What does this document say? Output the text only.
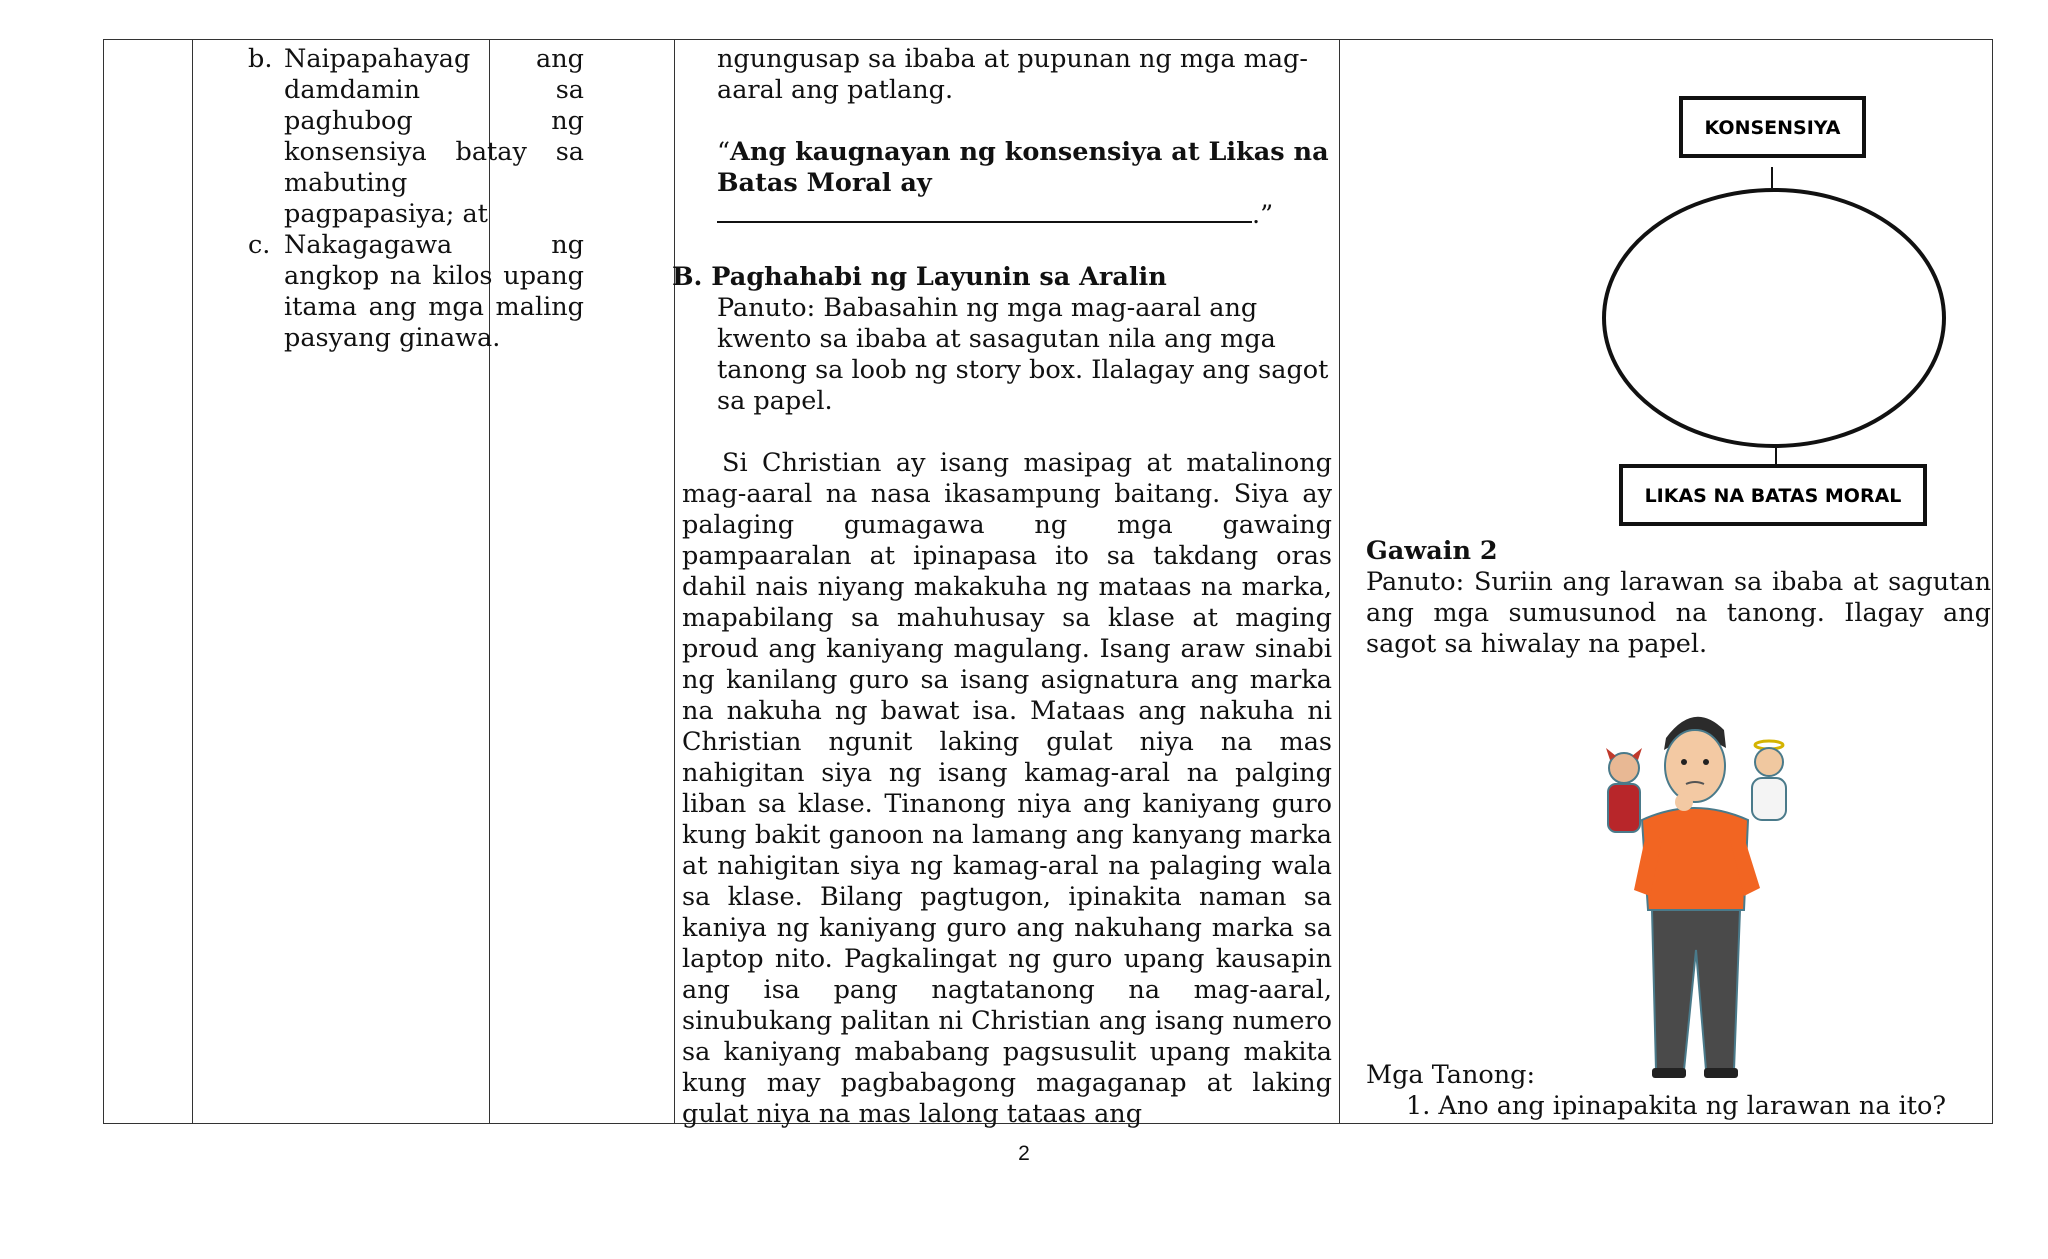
b. Naipapahayag ang damdamin sa paghubog ng konsensiya batay sa mabuting pagpapasiya; at
c. Nakagagawa ng angkop na kilos upang itama ang mga maling pasyang ginawa.

ngungusap sa ibaba at pupunan ng mga mag-aaral ang patlang.

“Ang kaugnayan ng konsensiya at Likas na Batas Moral ay
.”

B. Paghahabi ng Layunin sa Aralin

Panuto: Babasahin ng mga mag-aaral ang kwento sa ibaba at sasagutan nila ang mga tanong sa loob ng story box. Ilalagay ang sagot sa papel.

Si Christian ay isang masipag at matalinong mag-aaral na nasa ikasampung baitang. Siya ay palaging gumagawa ng mga gawaing pampaaralan at ipinapasa ito sa takdang oras dahil nais niyang makakuha ng mataas na marka, mapabilang sa mahuhusay sa klase at maging proud ang kaniyang magulang. Isang araw sinabi ng kanilang guro sa isang asignatura ang marka na nakuha ng bawat isa. Mataas ang nakuha ni Christian ngunit laking gulat niya na mas nahigitan siya ng isang kamag-aral na palging liban sa klase. Tinanong niya ang kaniyang guro kung bakit ganoon na lamang ang kanyang marka at nahigitan siya ng kamag-aral na palaging wala sa klase. Bilang pagtugon, ipinakita naman sa kaniya ng kaniyang guro ang nakuhang marka sa laptop nito. Pagkalingat ng guro upang kausapin ang isa pang nagtatanong na mag-aaral, sinubukang palitan ni Christian ang isang numero sa kaniyang mababang pagsusulit upang makita kung may pagbabagong magaganap at laking gulat niya na mas lalong tataas ang

KONSENSIYA
LIKAS NA BATAS MORAL

Gawain 2

Panuto: Suriin ang larawan sa ibaba at sagutan ang mga sumusunod na tanong. Ilagay ang sagot sa hiwalay na papel.

Mga Tanong:

1. Ano ang ipinapakita ng larawan na ito?

2
